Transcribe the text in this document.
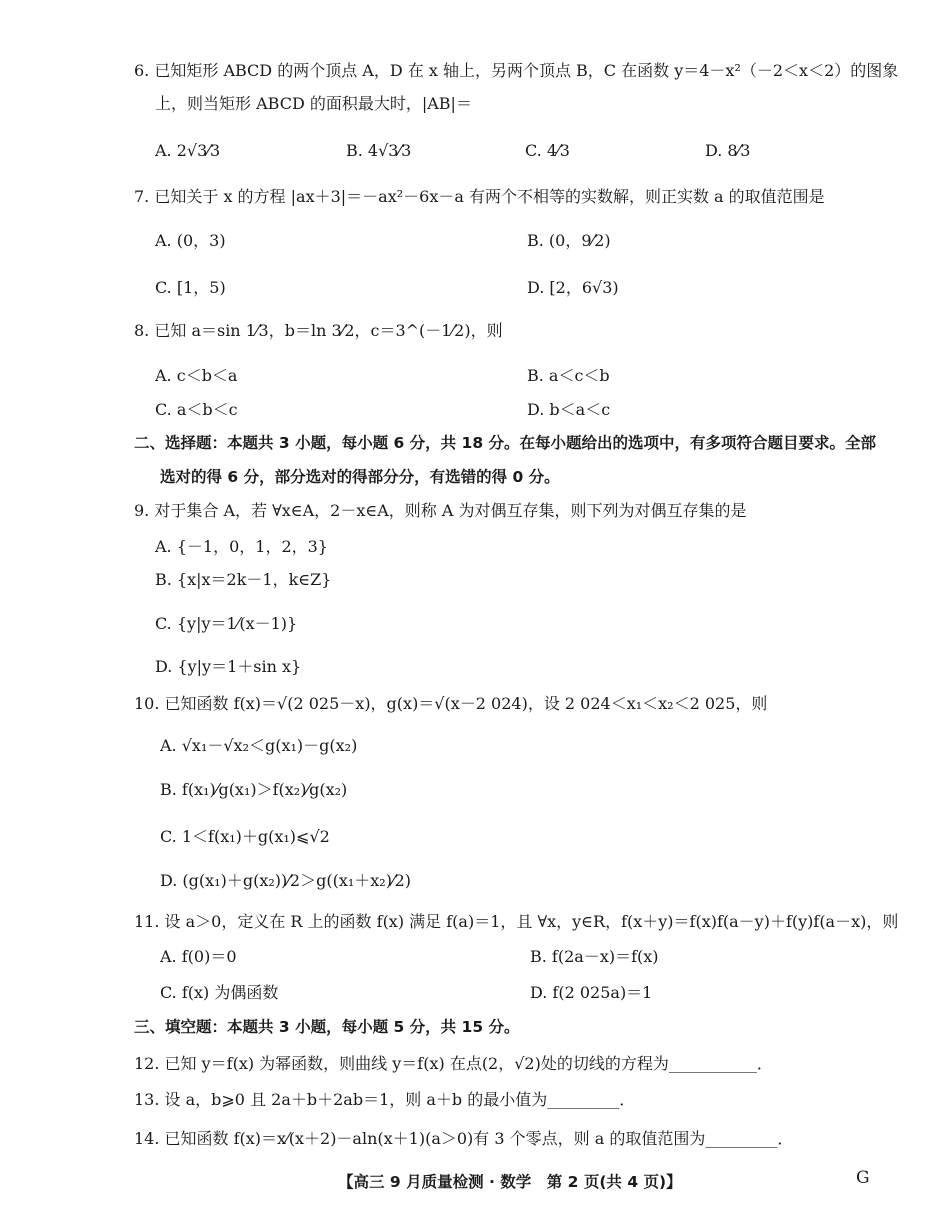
6. 已知矩形 ABCD 的两个顶点 A，D 在 x 轴上，另两个顶点 B，C 在函数 y＝4－x²（－2＜x＜2）的图象
上，则当矩形 ABCD 的面积最大时，|AB|＝
A. 2√3⁄3	B. 4√3⁄3	C. 4⁄3	D. 8⁄3
7. 已知关于 x 的方程 |ax＋3|＝－ax²－6x－a 有两个不相等的实数解，则正实数 a 的取值范围是
A. (0，3)	B. (0，9⁄2)
C. [1，5)	D. [2，6√3)
8. 已知 a＝sin 1⁄3，b＝ln 3⁄2，c＝3^(－1⁄2)，则
A. c＜b＜a	B. a＜c＜b
C. a＜b＜c	D. b＜a＜c
二、选择题：本题共 3 小题，每小题 6 分，共 18 分。在每小题给出的选项中，有多项符合题目要求。全部
选对的得 6 分，部分选对的得部分分，有选错的得 0 分。
9. 对于集合 A，若 ∀x∈A，2－x∈A，则称 A 为对偶互存集，则下列为对偶互存集的是
A. {－1，0，1，2，3}
B. {x|x＝2k－1，k∈Z}
C. {y|y＝1⁄(x－1)}
D. {y|y＝1＋sin x}
10. 已知函数 f(x)＝√(2 025－x)，g(x)＝√(x－2 024)，设 2 024＜x₁＜x₂＜2 025，则
A. √x₁－√x₂＜g(x₁)－g(x₂)
B. f(x₁)⁄g(x₁)＞f(x₂)⁄g(x₂)
C. 1＜f(x₁)＋g(x₁)⩽√2
D. (g(x₁)＋g(x₂))⁄2＞g((x₁＋x₂)⁄2)
11. 设 a＞0，定义在 R 上的函数 f(x) 满足 f(a)＝1，且 ∀x，y∈R，f(x＋y)＝f(x)f(a－y)＋f(y)f(a－x)，则
A. f(0)＝0	B. f(2a－x)＝f(x)
C. f(x) 为偶函数	D. f(2 025a)＝1
三、填空题：本题共 3 小题，每小题 5 分，共 15 分。
12. 已知 y＝f(x) 为幂函数，则曲线 y＝f(x) 在点(2，√2)处的切线的方程为___________．
13. 设 a，b⩾0 且 2a＋b＋2ab＝1，则 a＋b 的最小值为_________．
14. 已知函数 f(x)＝x⁄(x＋2)－aln(x＋1)(a＞0)有 3 个零点，则 a 的取值范围为_________．
【高三 9 月质量检测 · 数学　第 2 页(共 4 页)】	G
